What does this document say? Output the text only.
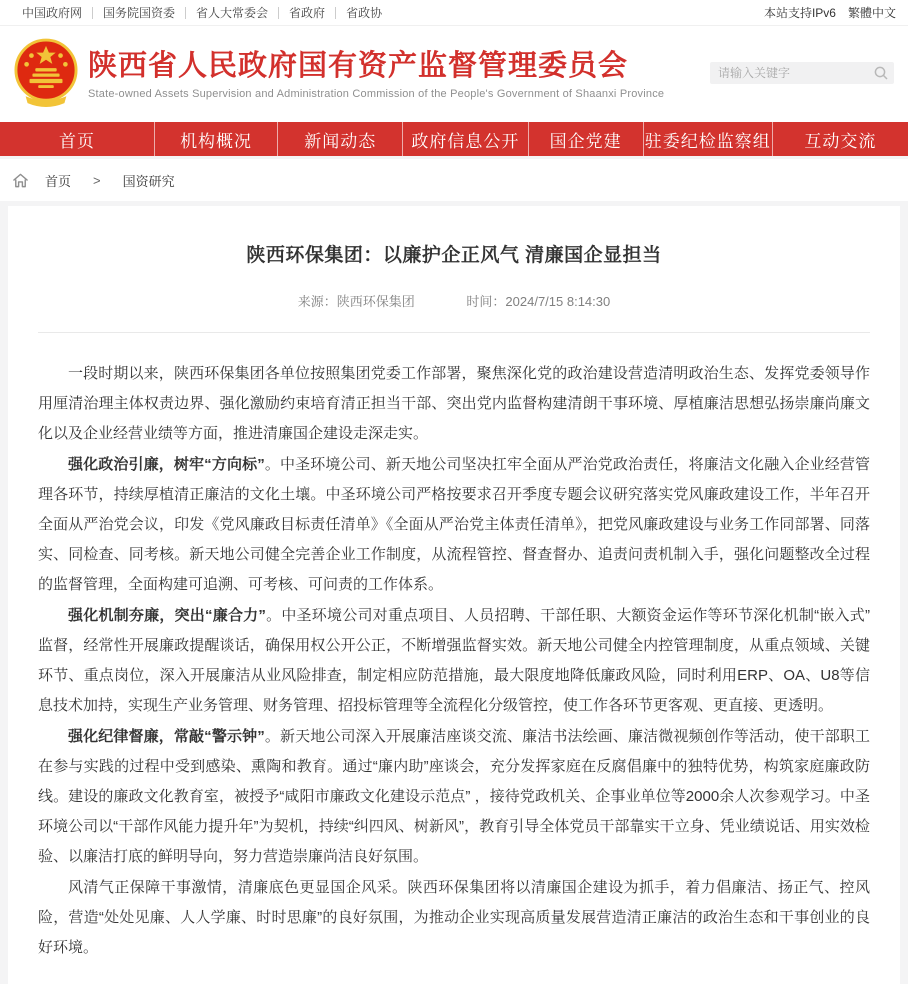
中国政府网	国务院国资委	省人大常委会	省政府	省政协	本站支持IPv6 繁體中文
陕西省人民政府国有资产监督管理委员会
State-owned Assets Supervision and Administration Commission of the People's Government of Shaanxi Province
请输入关键字
首页	机构概况	新闻动态	政府信息公开	国企党建	驻委纪检监察组	互动交流
首页 > 国资研究
陕西环保集团：以廉护企正风气 清廉国企显担当
来源：陕西环保集团	时间：2024/7/15 8:14:30

一段时期以来，陕西环保集团各单位按照集团党委工作部署，聚焦深化党的政治建设营造清明政治生态、发挥党委领导作用厘清治理主体权责边界、强化激励约束培育清正担当干部、突出党内监督构建清朗干事环境、厚植廉洁思想弘扬崇廉尚廉文化以及企业经营业绩等方面，推进清廉国企建设走深走实。

强化政治引廉，树牢“方向标”。中圣环境公司、新天地公司坚决扛牢全面从严治党政治责任，将廉洁文化融入企业经营管理各环节，持续厚植清正廉洁的文化土壤。中圣环境公司严格按要求召开季度专题会议研究落实党风廉政建设工作，半年召开全面从严治党会议，印发《党风廉政目标责任清单》《全面从严治党主体责任清单》，把党风廉政建设与业务工作同部署、同落实、同检查、同考核。新天地公司健全完善企业工作制度，从流程管控、督查督办、追责问责机制入手，强化问题整改全过程的监督管理，全面构建可追溯、可考核、可问责的工作体系。

强化机制夯廉，突出“廉合力”。中圣环境公司对重点项目、人员招聘、干部任职、大额资金运作等环节深化机制“嵌入式”监督，经常性开展廉政提醒谈话，确保用权公开公正，不断增强监督实效。新天地公司健全内控管理制度，从重点领域、关键环节、重点岗位，深入开展廉洁从业风险排查，制定相应防范措施，最大限度地降低廉政风险，同时利用ERP、OA、U8等信息技术加持，实现生产业务管理、财务管理、招投标管理等全流程化分级管控，使工作各环节更客观、更直接、更透明。

强化纪律督廉，常敲“警示钟”。新天地公司深入开展廉洁座谈交流、廉洁书法绘画、廉洁微视频创作等活动，使干部职工在参与实践的过程中受到感染、熏陶和教育。通过“廉内助”座谈会，充分发挥家庭在反腐倡廉中的独特优势，构筑家庭廉政防线。建设的廉政文化教育室，被授予“咸阳市廉政文化建设示范点” ，接待党政机关、企事业单位等2000余人次参观学习。中圣环境公司以“干部作风能力提升年”为契机，持续“纠四风、树新风”，教育引导全体党员干部靠实干立身、凭业绩说话、用实效检验、以廉洁打底的鲜明导向，努力营造崇廉尚洁良好氛围。

风清气正保障干事激情，清廉底色更显国企风采。陕西环保集团将以清廉国企建设为抓手，着力倡廉洁、扬正气、控风险，营造“处处见廉、人人学廉、时时思廉”的良好氛围，为推动企业实现高质量发展营造清正廉洁的政治生态和干事创业的良好环境。
